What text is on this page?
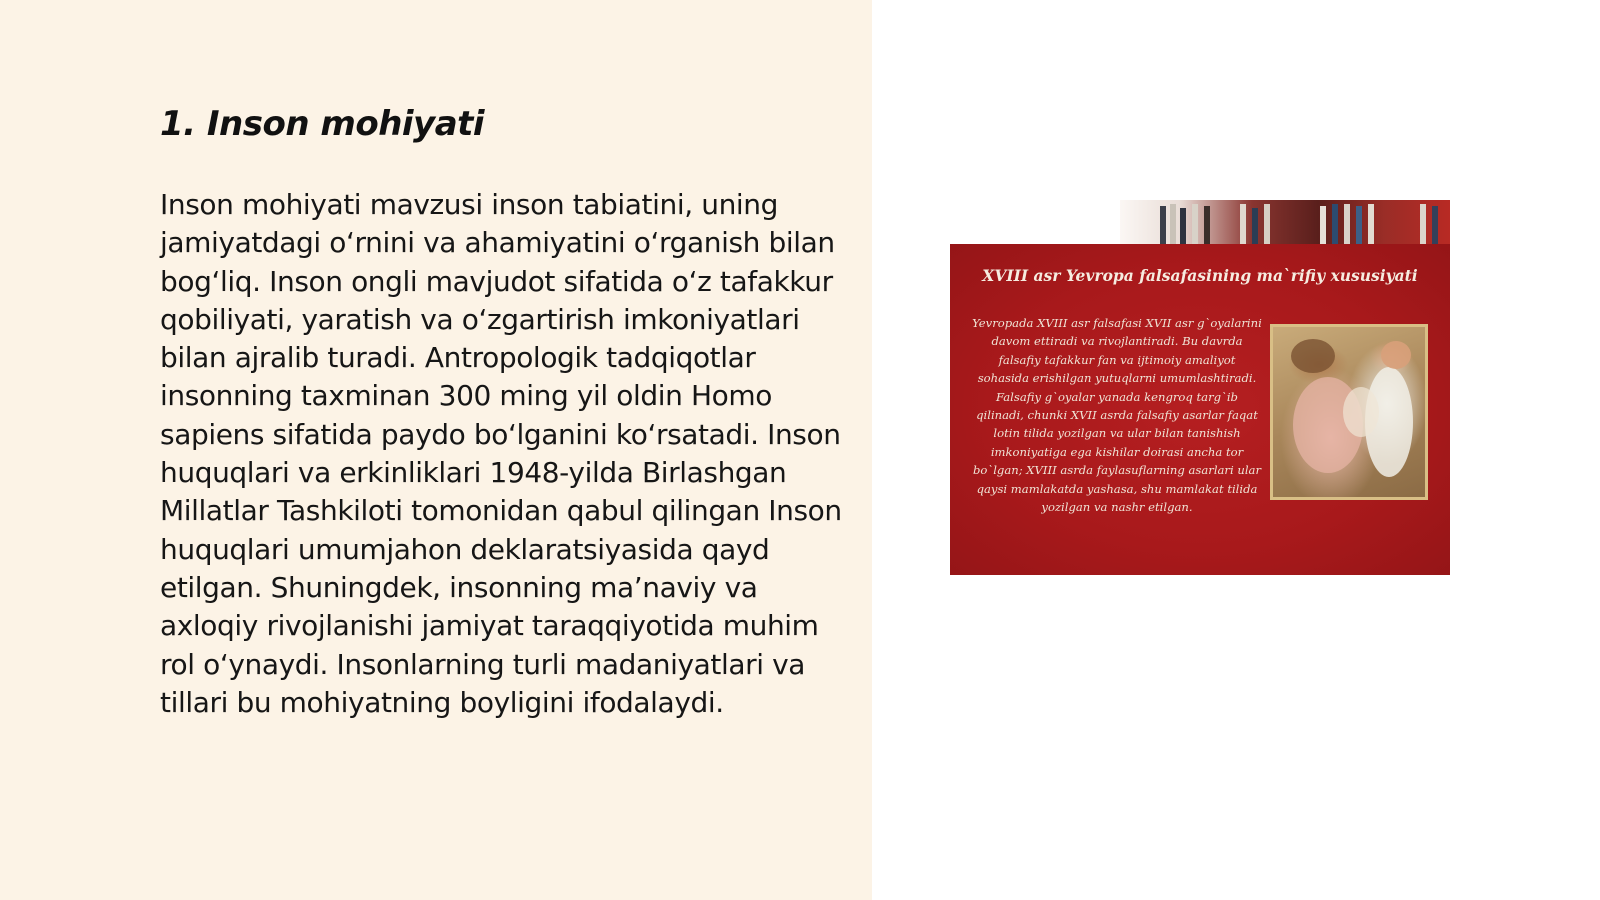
1. Inson mohiyati

Inson mohiyati mavzusi inson tabiatini, uning jamiyatdagi o‘rnini va ahamiyatini o‘rganish bilan bog‘liq. Inson ongli mavjudot sifatida o‘z tafakkur qobiliyati, yaratish va o‘zgartirish imkoniyatlari bilan ajralib turadi. Antropologik tadqiqotlar insonning taxminan 300 ming yil oldin Homo sapiens sifatida paydo bo‘lganini ko‘rsatadi. Inson huquqlari va erkinliklari 1948-yilda Birlashgan Millatlar Tashkiloti tomonidan qabul qilingan Inson huquqlari umumjahon deklaratsiyasida qayd etilgan. Shuningdek, insonning ma’naviy va axloqiy rivojlanishi jamiyat taraqqiyotida muhim rol o‘ynaydi. Insonlarning turli madaniyatlari va tillari bu mohiyatning boyligini ifodalaydi.

XVIII asr Yevropa falsafasining ma`rifiy xususiyati
Yevropada XVIII asr falsafasi XVII asr g`oyalarini davom ettiradi va rivojlantiradi. Bu davrda falsafiy tafakkur fan va ijtimoiy amaliyot sohasida erishilgan yutuqlarni umumlashtiradi. Falsafiy g`oyalar yanada kengroq targ`ib qilinadi, chunki XVII asrda falsafiy asarlar faqat lotin tilida yozilgan va ular bilan tanishish imkoniyatiga ega kishilar doirasi ancha tor bo`lgan; XVIII asrda faylasuflarning asarlari ular qaysi mamlakatda yashasa, shu mamlakat tilida yozilgan va nashr etilgan.
